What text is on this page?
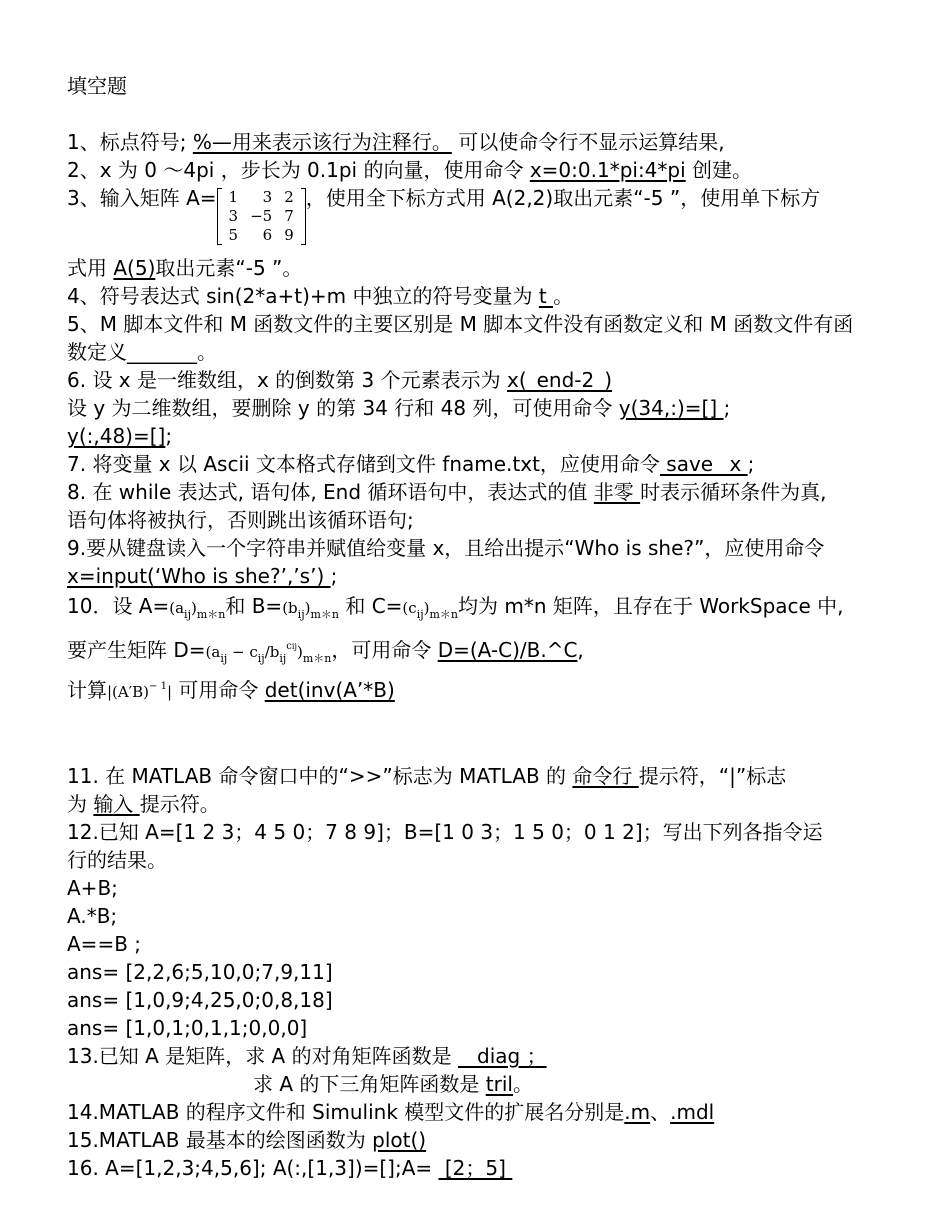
填空题
1、标点符号; %—用来表示该行为注释行。 可以使命令行不显示运算结果,
2、x 为 0 ～4pi ，步长为 0.1pi 的向量，使用命令 x=0:0.1*pi:4*pi 创建。
3、输入矩阵 A= 1	3	2
3	−5	7
5	6	9
，使用全下标方式用 A(2,2)取出元素“-5 ”，使用单下标方
式用 A(5)取出元素“-5 ”。
4、符号表达式 sin(2*a+t)+m 中独立的符号变量为 t 。
5、M 脚本文件和 M 函数文件的主要区别是 M 脚本文件没有函数定义和 M 函数文件有函
数定义_______。
6. 设 x 是一维数组，x 的倒数第 3 个元素表示为 x(_end-2_)
设 y 为二维数组，要删除 y 的第 34 行和 48 列，可使用命令 y(34,:)=[] ;
y(:,48)=[];
7. 将变量 x 以 Ascii 文本格式存储到文件 fname.txt，应使用命令 save _x ;
8. 在 while 表达式, 语句体, End 循环语句中，表达式的值 非零 时表示循环条件为真,
语句体将被执行，否则跳出该循环语句;
9.要从键盘读入一个字符串并赋值给变量 x，且给出提示“Who is she?”，应使用命令
x=input(‘Who is she?’,’s’) ;
10．设 $A=(a_{ij})_{m*n}$和 $B=(b_{ij})_{m*n}$ 和 $C=(c_{ij})_{m*n}$均为 m*n 矩阵，且存在于 WorkSpace 中,
要产生矩阵 $D=(a_{ij} - c_{ij}/b_{ij}^{cij})_{m*n}$，可用命令 D=(A-C)/B.^C,
计算$|(A'B)^{- 1}|$ 可用命令 det(inv(A’*B)
11. 在 MATLAB 命令窗口中的“>>”标志为 MATLAB 的 命令行 提示符，“|”标志
为 输入 提示符。
12.已知 A=[1 2 3；4 5 0；7 8 9]；B=[1 0 3；1 5 0；0 1 2]；写出下列各指令运
行的结果。
A+B;
A.*B;
A==B ;
ans= [2,2,6;5,10,0;7,9,11]
ans= [1,0,9;4,25,0;0,8,18]
ans= [1,0,1;0,1,1;0,0,0]
13.已知 A 是矩阵，求 A 的对角矩阵函数是    diag ；
求 A 的下三角矩阵函数是 tril。
14.MATLAB 的程序文件和 Simulink 模型文件的扩展名分别是.m、.mdl
15.MATLAB 最基本的绘图函数为 plot()
16. A=[1,2,3;4,5,6]; A(:,[1,3])=[];A=  [2；5]
